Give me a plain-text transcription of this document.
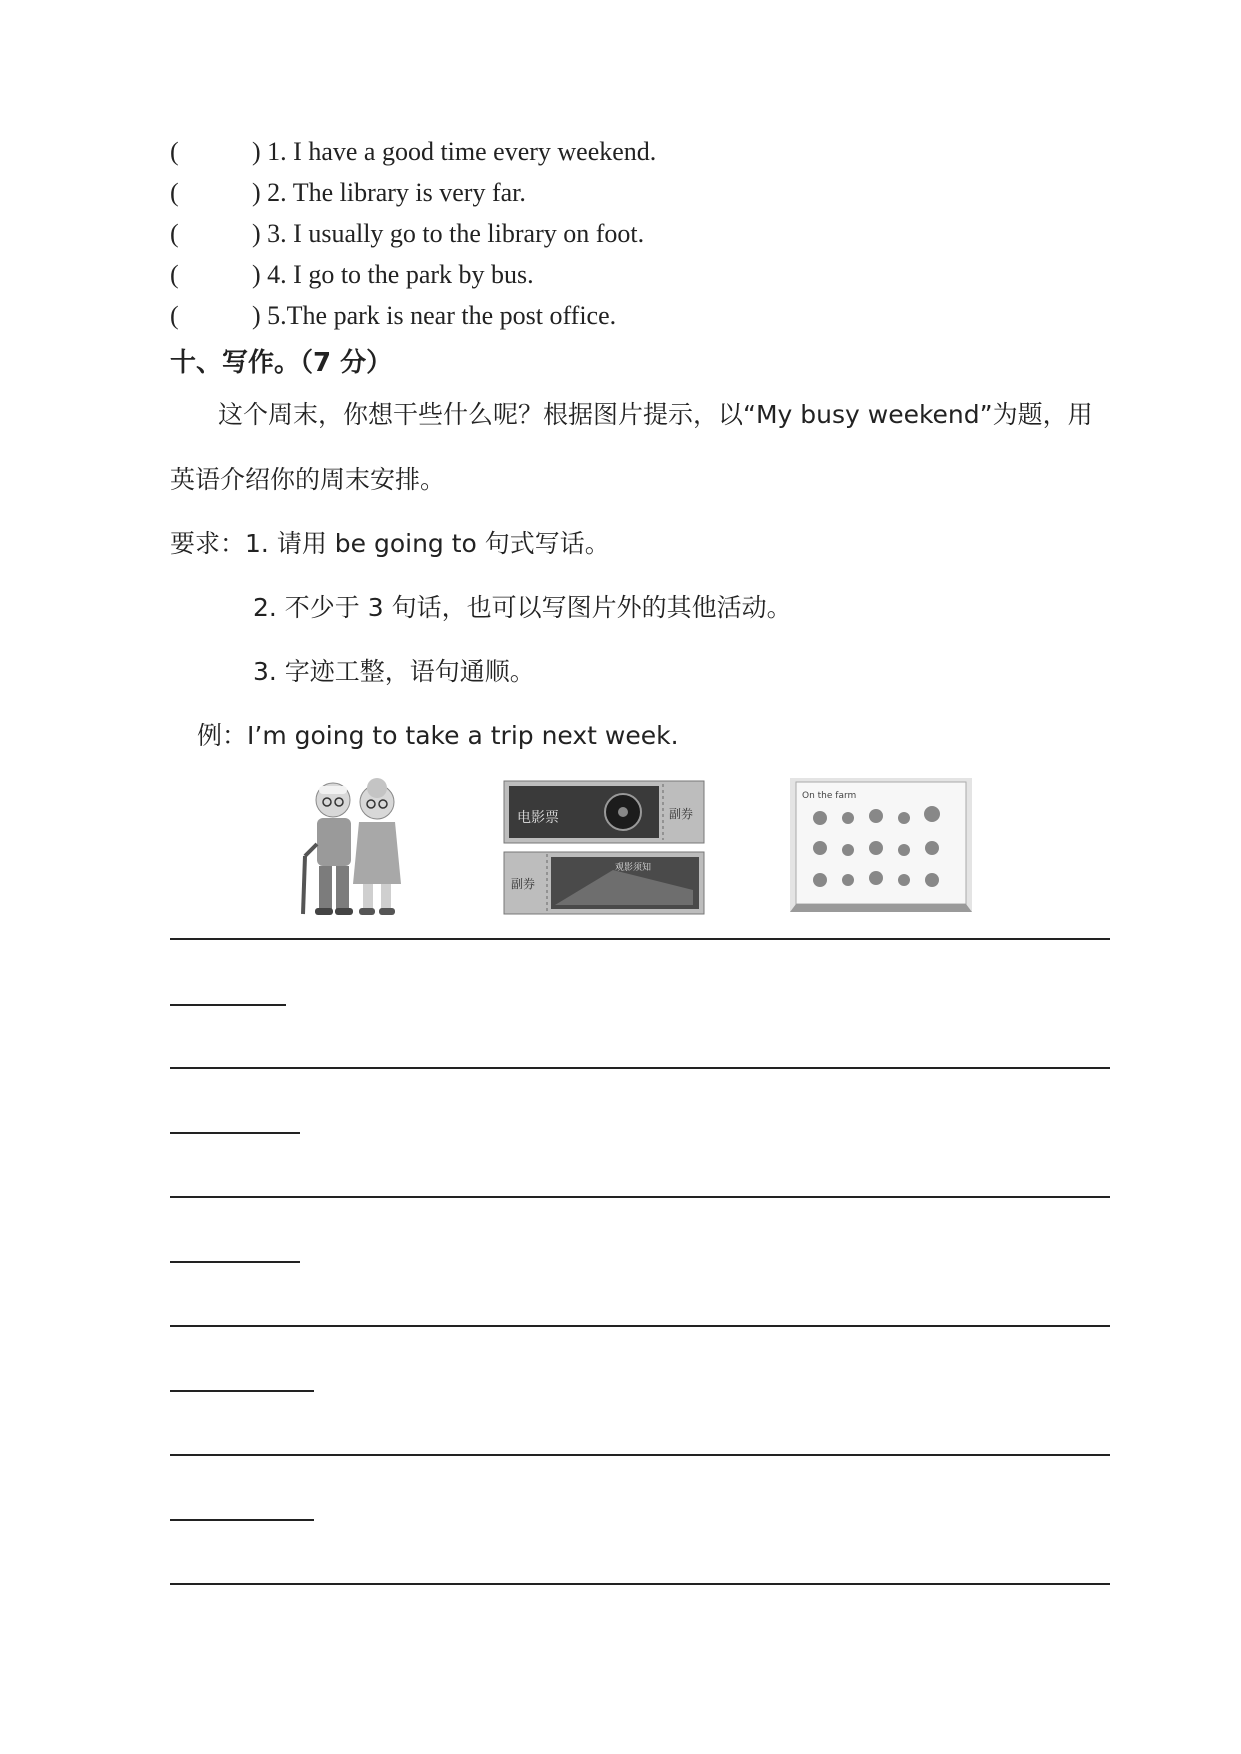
(	)
1. I have a good time every weekend.
(	)
2. The library is very far.
(	)
3. I usually go to the library on foot.
(	)
4. I go to the park by bus.
(	)
5.The park is near the post office.
十、写作。（7 分）
这个周末，你想干些什么呢？根据图片提示，以“My busy weekend”为题，用
英语介绍你的周末安排。
要求：1. 请用 be going to 句式写话。
2. 不少于 3 句话，也可以写图片外的其他活动。
3. 字迹工整，语句通顺。
例：I’m going to take a trip next week.
电影票	副券
副券
观影须知
On the farm
